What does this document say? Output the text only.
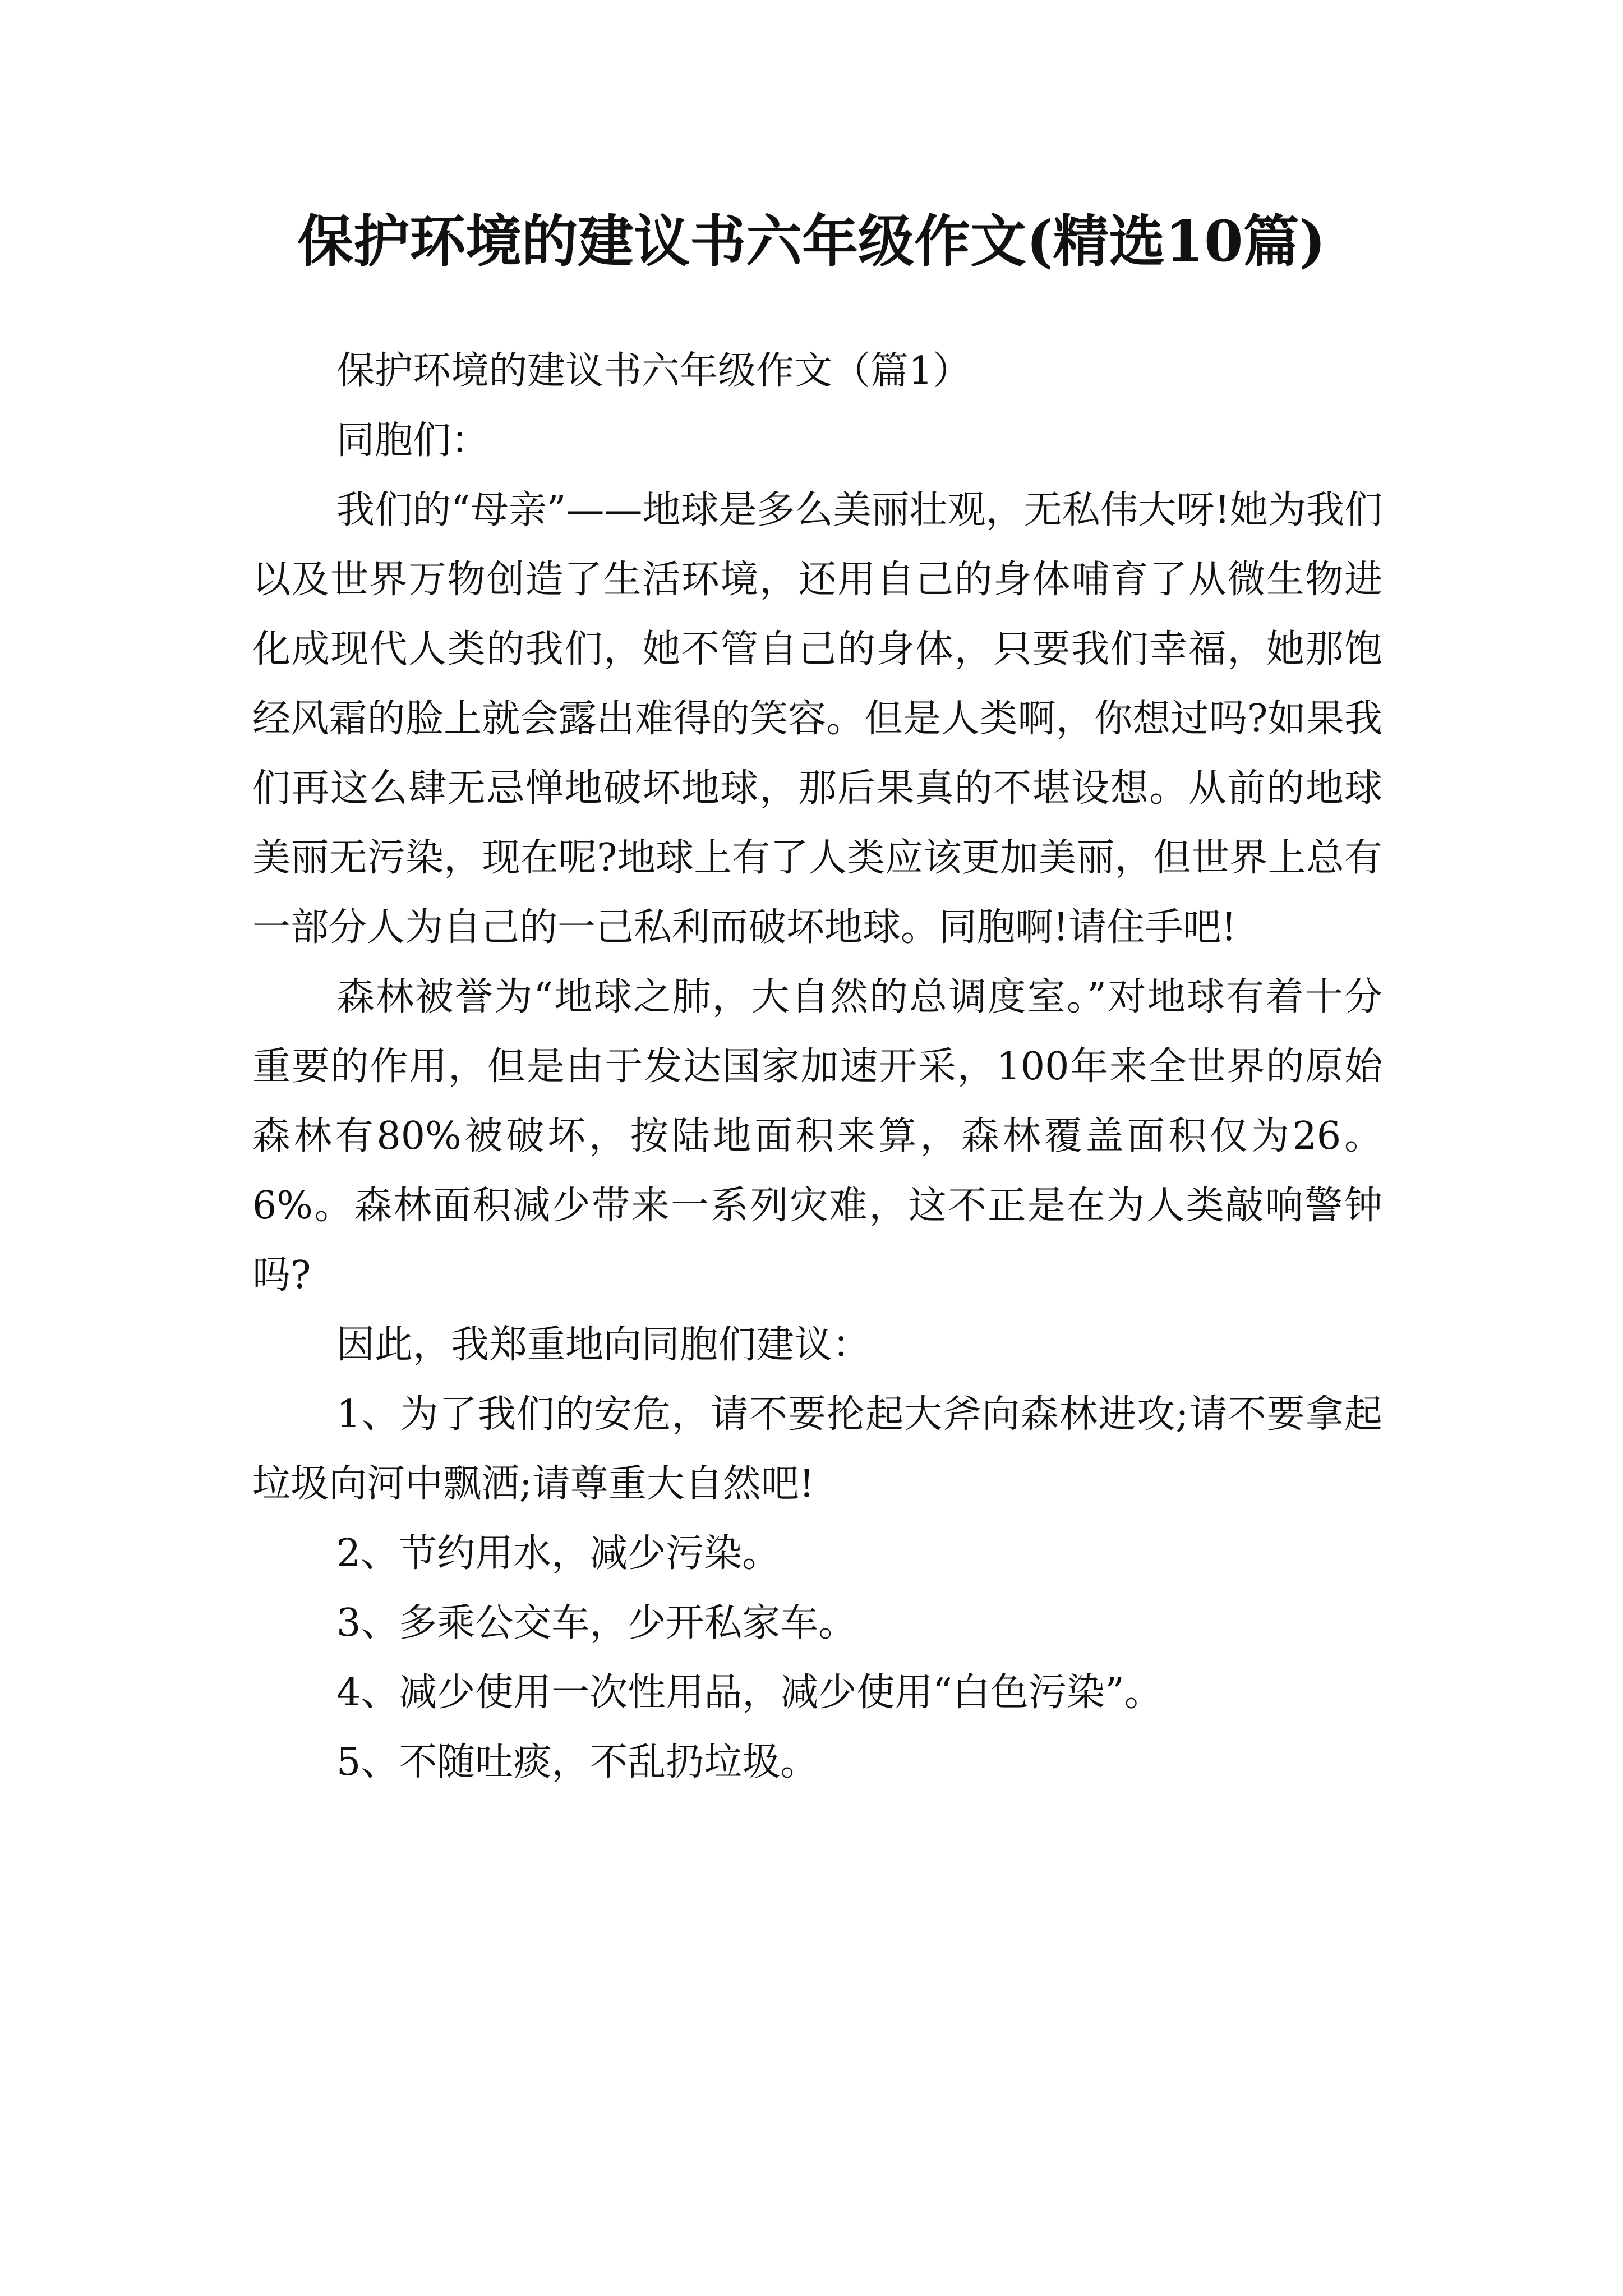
保护环境的建议书六年级作文(精选10篇)

保护环境的建议书六年级作文（篇1）

同胞们：

我们的“母亲”——地球是多么美丽壮观，无私伟大呀!她为我们以及世界万物创造了生活环境，还用自己的身体哺育了从微生物进化成现代人类的我们，她不管自己的身体，只要我们幸福，她那饱经风霜的脸上就会露出难得的笑容。但是人类啊，你想过吗?如果我们再这么肆无忌惮地破坏地球，那后果真的不堪设想。从前的地球美丽无污染，现在呢?地球上有了人类应该更加美丽，但世界上总有一部分人为自己的一己私利而破坏地球。同胞啊!请住手吧!

森林被誉为“地球之肺，大自然的总调度室。”对地球有着十分重要的作用，但是由于发达国家加速开采，100年来全世界的原始森林有80%被破坏，按陆地面积来算，森林覆盖面积仅为26。6%。森林面积减少带来一系列灾难，这不正是在为人类敲响警钟吗?

因此，我郑重地向同胞们建议：

1、为了我们的安危，请不要抡起大斧向森林进攻;请不要拿起垃圾向河中飘洒;请尊重大自然吧!

2、节约用水，减少污染。

3、多乘公交车，少开私家车。

4、减少使用一次性用品，减少使用“白色污染”。

5、不随吐痰，不乱扔垃圾。
